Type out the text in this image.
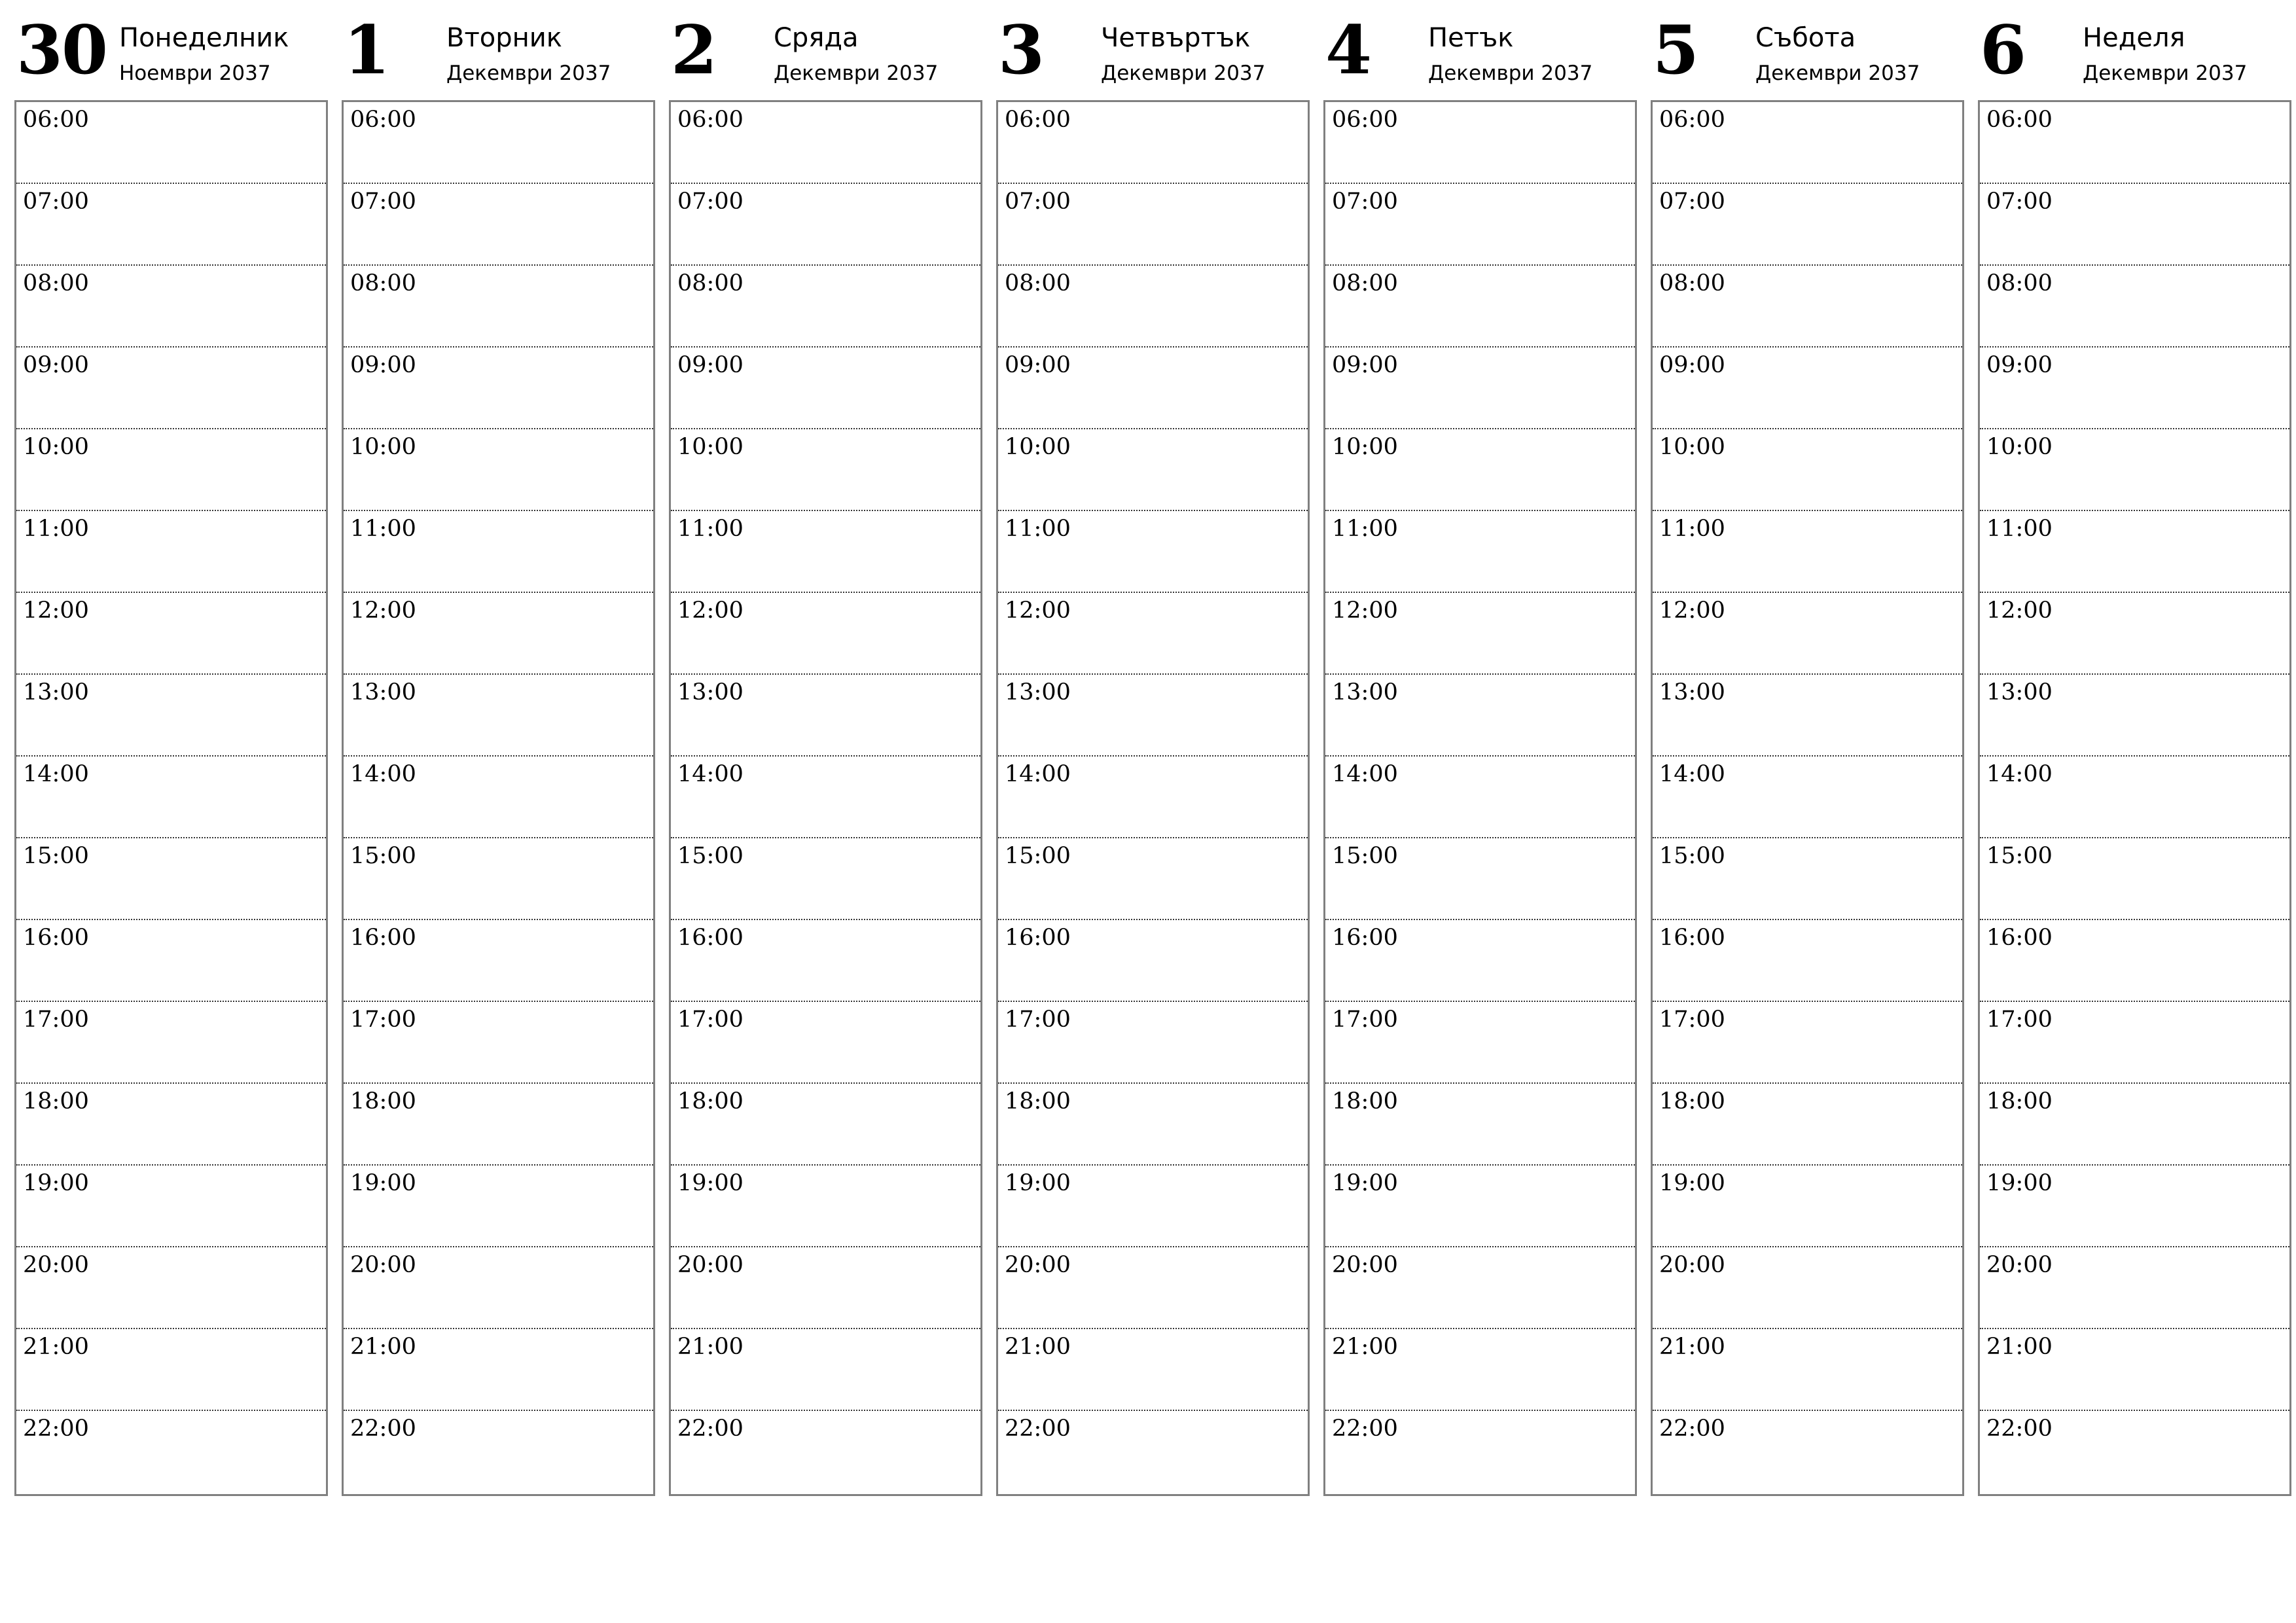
30 Понеделник
Ноември 2037
06:00
07:00
08:00
09:00
10:00
11:00
12:00
13:00
14:00
15:00
16:00
17:00
18:00
19:00
20:00
21:00
22:00
1 Вторник
Декември 2037
06:00
07:00
08:00
09:00
10:00
11:00
12:00
13:00
14:00
15:00
16:00
17:00
18:00
19:00
20:00
21:00
22:00
2 Сряда
Декември 2037
06:00
07:00
08:00
09:00
10:00
11:00
12:00
13:00
14:00
15:00
16:00
17:00
18:00
19:00
20:00
21:00
22:00
3 Четвъртък
Декември 2037
06:00
07:00
08:00
09:00
10:00
11:00
12:00
13:00
14:00
15:00
16:00
17:00
18:00
19:00
20:00
21:00
22:00
4 Петък
Декември 2037
06:00
07:00
08:00
09:00
10:00
11:00
12:00
13:00
14:00
15:00
16:00
17:00
18:00
19:00
20:00
21:00
22:00
5 Събота
Декември 2037
06:00
07:00
08:00
09:00
10:00
11:00
12:00
13:00
14:00
15:00
16:00
17:00
18:00
19:00
20:00
21:00
22:00
6 Неделя
Декември 2037
06:00
07:00
08:00
09:00
10:00
11:00
12:00
13:00
14:00
15:00
16:00
17:00
18:00
19:00
20:00
21:00
22:00
